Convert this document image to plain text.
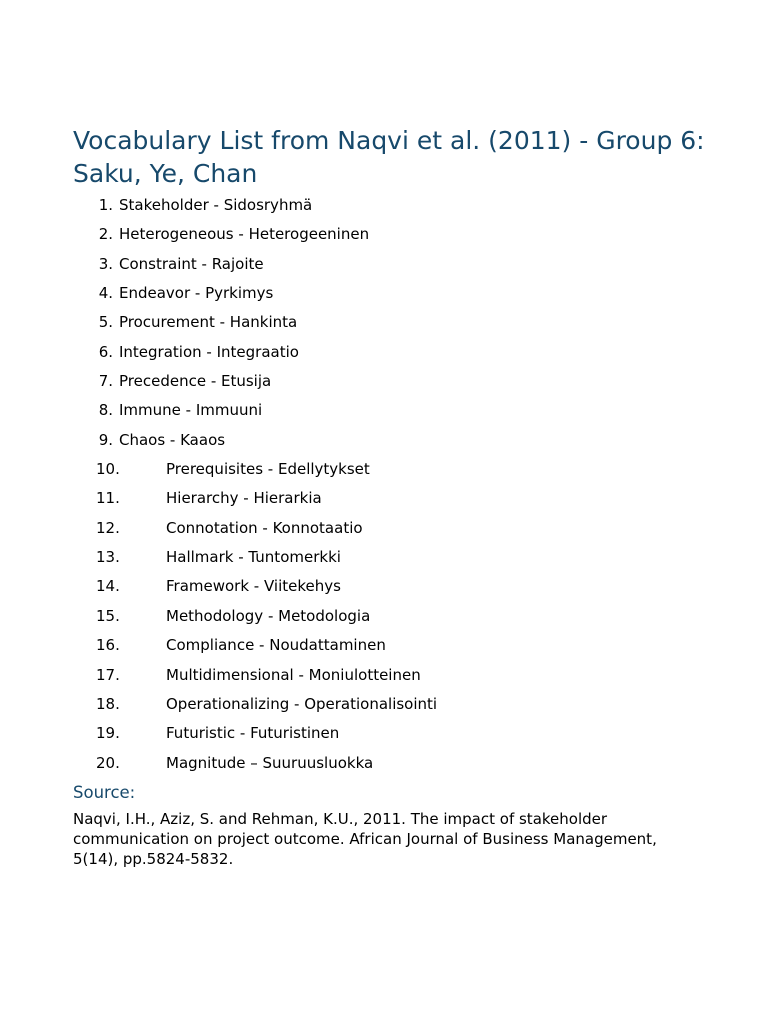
Vocabulary List from Naqvi et al. (2011) - Group 6: Saku, Ye, Chan
1. Stakeholder - Sidosryhmä
2. Heterogeneous - Heterogeeninen
3. Constraint - Rajoite
4. Endeavor - Pyrkimys
5. Procurement - Hankinta
6. Integration - Integraatio
7. Precedence - Etusija
8. Immune - Immuuni
9. Chaos - Kaaos
10.	Prerequisites - Edellytykset
11.	Hierarchy - Hierarkia
12.	Connotation - Konnotaatio
13.	Hallmark - Tuntomerkki
14.	Framework - Viitekehys
15.	Methodology - Metodologia
16.	Compliance - Noudattaminen
17.	Multidimensional - Moniulotteinen
18.	Operationalizing - Operationalisointi
19.	Futuristic - Futuristinen
20.	Magnitude – Suuruusluokka
Source:

Naqvi, I.H., Aziz, S. and Rehman, K.U., 2011. The impact of stakeholder communication on project outcome. African Journal of Business Management, 5(14), pp.5824-5832.
